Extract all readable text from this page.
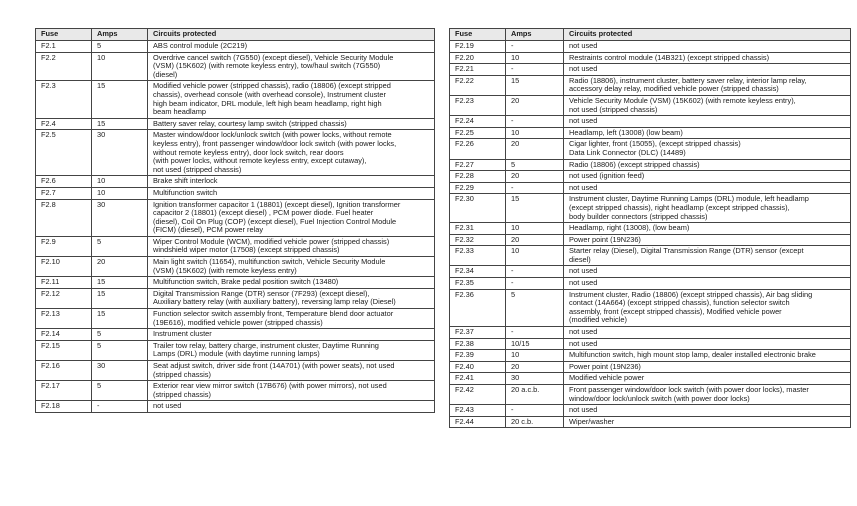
Fuse	Amps	Circuits protected
F2.1	5	ABS control module (2C219)
F2.2	10	Overdrive cancel switch (7G550) (except diesel), Vehicle Security Module
(VSM) (15K602) (with remote keyless entry), tow/haul switch (7G550)
(diesel)
F2.3	15	Modified vehicle power (stripped chassis), radio (18806) (except stripped
chassis), overhead console (with overhead console), Instrument cluster
high beam indicator, DRL module, left high beam headlamp, right high
beam headlamp
F2.4	15	Battery saver relay, courtesy lamp switch (stripped chassis)
F2.5	30	Master window/door lock/unlock switch (with power locks, without remote
keyless entry), front passenger window/door lock switch (with power locks,
without remote keyless entry), door lock switch, rear doors
(with power locks, without remote keyless entry, except cutaway),
not used (stripped chassis)
F2.6	10	Brake shift interlock
F2.7	10	Multifunction switch
F2.8	30	Ignition transformer capacitor 1 (18801) (except diesel), Ignition transformer
capacitor 2 (18801) (except diesel) , PCM power diode. Fuel heater
(diesel), Coil On Plug (COP) (except diesel), Fuel Injection Control Module
(FICM) (diesel), PCM power relay
F2.9	5	Wiper Control Module (WCM), modified vehicle power (stripped chassis)
windshield wiper motor (17508) (except stripped chassis)
F2.10	20	Main light switch (11654), multifunction switch, Vehicle Security Module
(VSM) (15K602) (with remote keyless entry)
F2.11	15	Multifunction switch, Brake pedal position switch (13480)
F2.12	15	Digital Transmission Range (DTR) sensor (7F293) (except diesel),
Auxiliary battery relay (with auxiliary battery), reversing lamp relay (Diesel)
F2.13	15	Function selector switch assembly front, Temperature blend door actuator
(19E616), modified vehicle power (stripped chassis)
F2.14	5	Instrument cluster
F2.15	5	Trailer tow relay, battery charge, instrument cluster, Daytime Running
Lamps (DRL) module (with daytime running lamps)
F2.16	30	Seat adjust switch, driver side front (14A701) (with power seats), not used
(stripped chassis)
F2.17	5	Exterior rear view mirror switch (17B676) (with power mirrors), not used
(stripped chassis)
F2.18	-	not used
Fuse	Amps	Circuits protected
F2.19	-	not used
F2.20	10	Restraints control module (14B321) (except stripped chassis)
F2.21	-	not used
F2.22	15	Radio (18806), instrument cluster, battery saver relay, interior lamp relay,
accessory delay relay, modified vehicle power (stripped chassis)
F2.23	20	Vehicle Security Module (VSM) (15K602) (with remote keyless entry),
not used (stripped chassis)
F2.24	-	not used
F2.25	10	Headlamp, left (13008) (low beam)
F2.26	20	Cigar lighter, front (15055), (except stripped chassis)
Data Link Connector (DLC) (14489)
F2.27	5	Radio (18806) (except stripped chassis)
F2.28	20	not used (ignition feed)
F2.29	-	not used
F2.30	15	Instrument cluster, Daytime Running Lamps (DRL) module, left headlamp
(except stripped chassis), right headlamp (except stripped chassis),
body builder connectors (stripped chassis)
F2.31	10	Headlamp, right (13008), (low beam)
F2.32	20	Power point (19N236)
F2.33	10	Starter relay (Diesel), Digital Transmission Range (DTR) sensor (except
diesel)
F2.34	-	not used
F2.35	-	not used
F2.36	5	Instrument cluster, Radio (18806) (except stripped chassis), Air bag sliding
contact (14A664) (except stripped chassis), function selector switch
assembly, front (except stripped chassis), Modified vehicle power
(modified vehicle)
F2.37	-	not used
F2.38	10/15	not used
F2.39	10	Multifunction switch, high mount stop lamp, dealer installed electronic brake
F2.40	20	Power point (19N236)
F2.41	30	Modified vehicle power
F2.42	20 a.c.b.	Front passenger window/door lock switch (with power door locks), master
window/door lock/unlock switch (with power door locks)
F2.43	-	not used
F2.44	20 c.b.	Wiper/washer
